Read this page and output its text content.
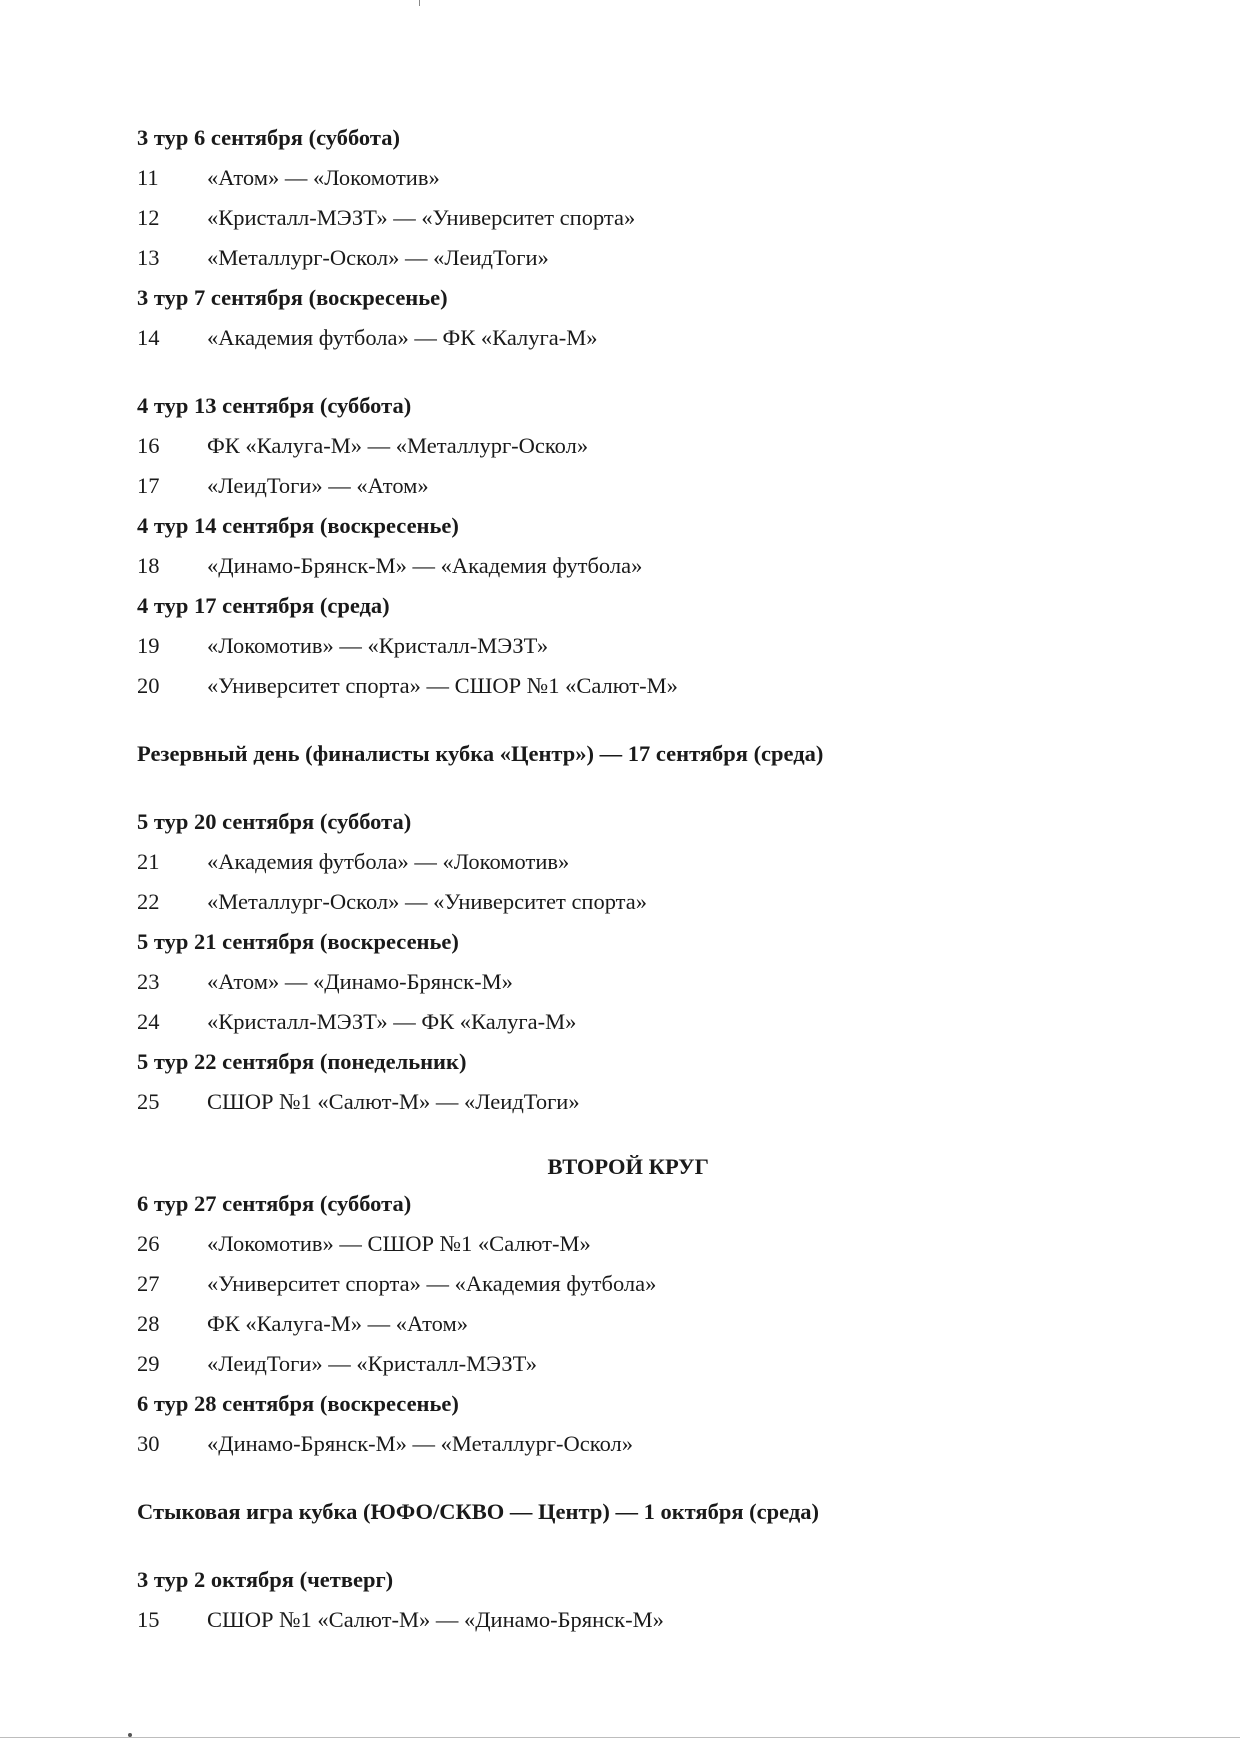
3 тур 6 сентября (суббота)
11	«Атом» — «Локомотив»
12	«Кристалл-МЭЗТ» — «Университет спорта»
13	«Металлург-Оскол» — «ЛеидТоги»
3 тур 7 сентября (воскресенье)
14	«Академия футбола» — ФК «Калуга-М»
4 тур 13 сентября (суббота)
16	ФК «Калуга-М» — «Металлург-Оскол»
17	«ЛеидТоги» — «Атом»
4 тур 14 сентября (воскресенье)
18	«Динамо-Брянск-М» — «Академия футбола»
4 тур 17 сентября (среда)
19	«Локомотив» — «Кристалл-МЭЗТ»
20	«Университет спорта» — СШОР №1 «Салют-М»
Резервный день (финалисты кубка «Центр») — 17 сентября (среда)
5 тур 20 сентября (суббота)
21	«Академия футбола» — «Локомотив»
22	«Металлург-Оскол» — «Университет спорта»
5 тур 21 сентября (воскресенье)
23	«Атом» — «Динамо-Брянск-М»
24	«Кристалл-МЭЗТ» — ФК «Калуга-М»
5 тур 22 сентября (понедельник)
25	СШОР №1 «Салют-М» — «ЛеидТоги»
ВТОРОЙ КРУГ
6 тур 27 сентября (суббота)
26	«Локомотив» — СШОР №1 «Салют-М»
27	«Университет спорта» — «Академия футбола»
28	ФК «Калуга-М» — «Атом»
29	«ЛеидТоги» — «Кристалл-МЭЗТ»
6 тур 28 сентября (воскресенье)
30	«Динамо-Брянск-М» — «Металлург-Оскол»
Стыковая игра кубка (ЮФО/СКВО — Центр) — 1 октября (среда)
3 тур 2 октября (четверг)
15	СШОР №1 «Салют-М» — «Динамо-Брянск-М»
